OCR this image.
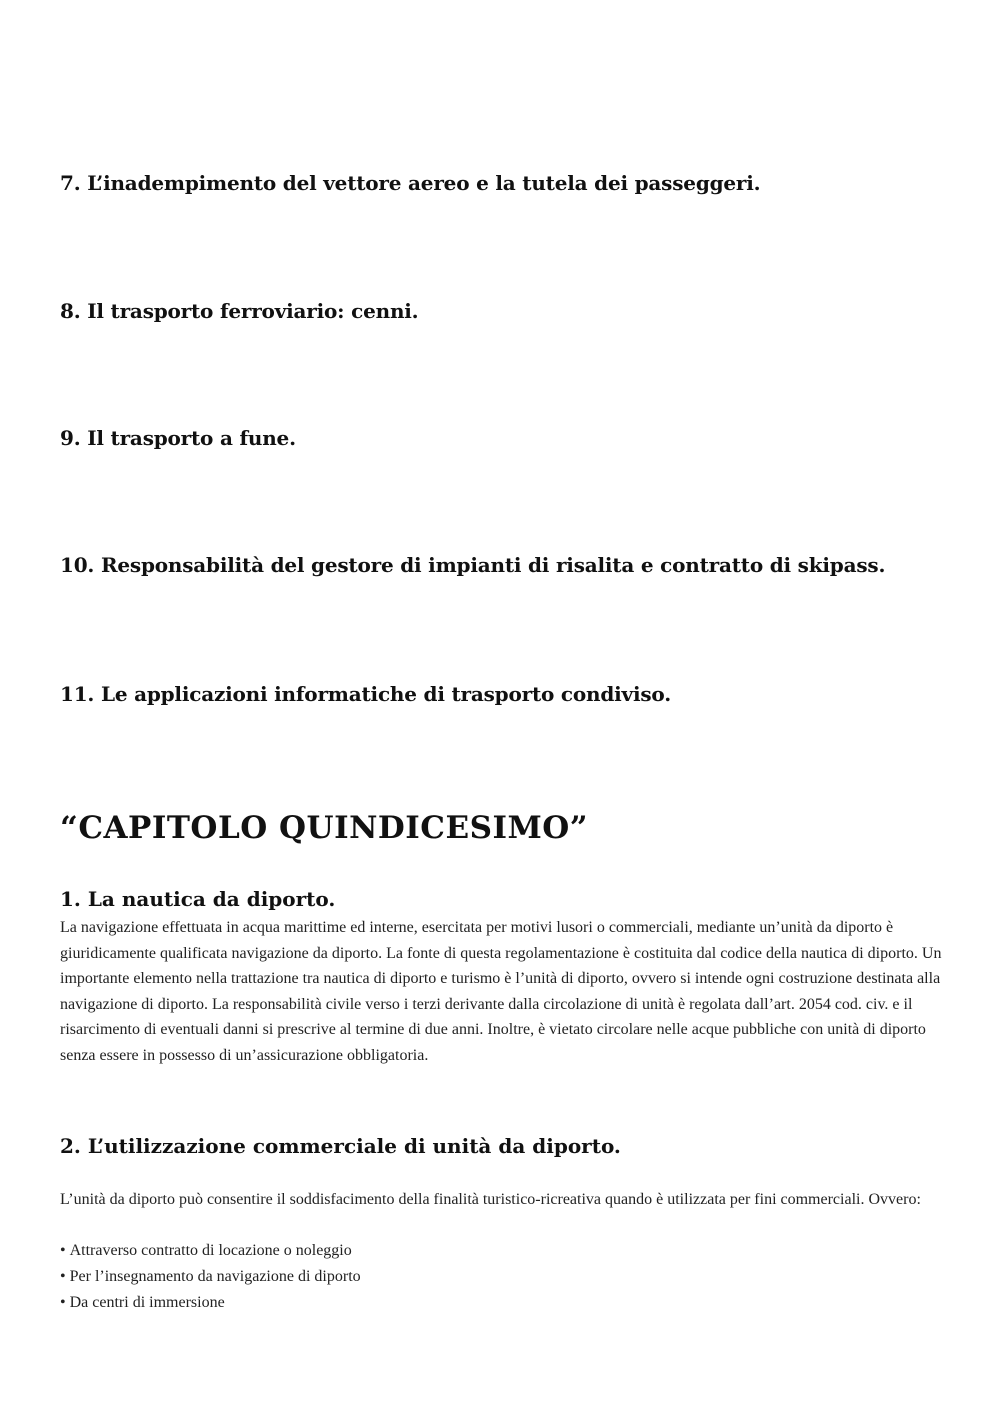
7. L’inadempimento del vettore aereo e la tutela dei passeggeri.
8. Il trasporto ferroviario: cenni.
9. Il trasporto a fune.
10. Responsabilità del gestore di impianti di risalita e contratto di skipass.
11. Le applicazioni informatiche di trasporto condiviso.
“CAPITOLO QUINDICESIMO”
1. La nautica da diporto.

La navigazione effettuata in acqua marittime ed interne, esercitata per motivi lusori o commerciali, mediante un’unità da diporto è giuridicamente qualificata navigazione da diporto. La fonte di questa regolamentazione è costituita dal codice della nautica di diporto. Un importante elemento nella trattazione tra nautica di diporto e turismo è l’unità di diporto, ovvero si intende ogni costruzione destinata alla navigazione di diporto. La responsabilità civile verso i terzi derivante dalla circolazione di unità è regolata dall’art. 2054 cod. civ. e il risarcimento di eventuali danni si prescrive al termine di due anni. Inoltre, è vietato circolare nelle acque pubbliche con unità di diporto senza essere in possesso di un’assicurazione obbligatoria.

2. L’utilizzazione commerciale di unità da diporto.

L’unità da diporto può consentire il soddisfacimento della finalità turistico-ricreativa quando è utilizzata per fini commerciali. Ovvero:

• Attraverso contratto di locazione o noleggio
• Per l’insegnamento da navigazione di diporto
• Da centri di immersione
